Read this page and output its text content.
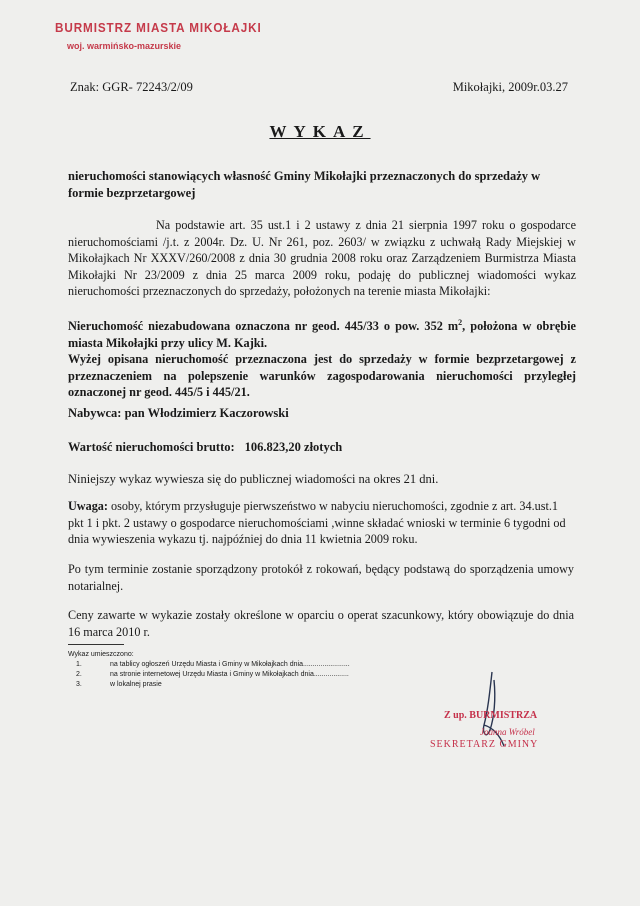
BURMISTRZ MIASTA MIKOŁAJKI
woj. warmińsko-mazurskie
Znak: GGR- 72243/2/09	Mikołajki, 2009r.03.27
WYKAZ
nieruchomości stanowiących własność Gminy Mikołajki przeznaczonych do sprzedaży w formie bezprzetargowej
Na podstawie art. 35 ust.1 i 2 ustawy z dnia 21 sierpnia 1997 roku o gospodarce nieruchomościami /j.t. z 2004r. Dz. U. Nr 261, poz. 2603/ w związku z uchwałą Rady Miejskiej w Mikołajkach Nr XXXV/260/2008 z dnia 30 grudnia 2008 roku oraz Zarządzeniem Burmistrza Miasta Mikołajki Nr 23/2009 z dnia 25 marca 2009 roku, podaję do publicznej wiadomości wykaz nieruchomości przeznaczonych do sprzedaży, położonych na terenie miasta Mikołajki:
Nieruchomość niezabudowana oznaczona nr geod. 445/33 o pow. 352 $m^2$, położona w obrębie miasta Mikołajki przy ulicy M. Kajki.
Wyżej opisana nieruchomość przeznaczona jest do sprzedaży w formie bezprzetargowej z przeznaczeniem na polepszenie warunków zagospodarowania nieruchomości przyległej oznaczonej nr geod. 445/5 i 445/21.
Nabywca: pan Włodzimierz Kaczorowski
Wartość nieruchomości brutto: 106.823,20 złotych
Niniejszy wykaz wywiesza się do publicznej wiadomości na okres 21 dni.
Uwaga: osoby, którym przysługuje pierwszeństwo w nabyciu nieruchomości, zgodnie z art. 34.ust.1 pkt 1 i pkt. 2 ustawy o gospodarce nieruchomościami ,winne składać wnioski w terminie 6 tygodni od dnia wywieszenia wykazu tj. najpóźniej do dnia 11 kwietnia 2009 roku.
Po tym terminie zostanie sporządzony protokół z rokowań, będący podstawą do sporządzenia umowy notarialnej.
Ceny zawarte w wykazie zostały określone w oparciu o operat szacunkowy, który obowiązuje do dnia 16 marca 2010 r.
Wykaz umieszczono:
1.	na tablicy ogłoszeń Urzędu Miasta i Gminy w Mikołajkach dnia........................
2.	na stronie internetowej Urzędu Miasta i Gminy w Mikołajkach dnia..................
3.	w lokalnej prasie
Z up. BURMISTRZA
Joanna Wróbel
SEKRETARZ GMINY
